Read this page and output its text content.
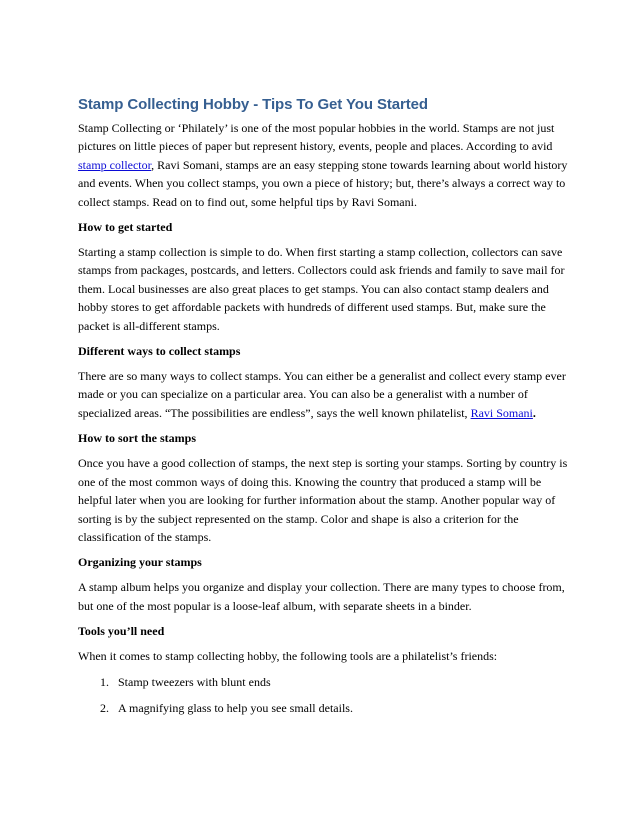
Stamp Collecting Hobby - Tips To Get You Started

Stamp Collecting or ‘Philately’ is one of the most popular hobbies in the world. Stamps are not just pictures on little pieces of paper but represent history, events, people and places. According to avid stamp collector, Ravi Somani, stamps are an easy stepping stone towards learning about world history and events. When you collect stamps, you own a piece of history; but, there’s always a correct way to collect stamps. Read on to find out, some helpful tips by Ravi Somani.

How to get started

Starting a stamp collection is simple to do. When first starting a stamp collection, collectors can save stamps from packages, postcards, and letters. Collectors could ask friends and family to save mail for them. Local businesses are also great places to get stamps. You can also contact stamp dealers and hobby stores to get affordable packets with hundreds of different used stamps. But, make sure the packet is all-different stamps.

Different ways to collect stamps

There are so many ways to collect stamps. You can either be a generalist and collect every stamp ever made or you can specialize on a particular area. You can also be a generalist with a number of specialized areas. “The possibilities are endless”, says the well known philatelist, Ravi Somani.

How to sort the stamps

Once you have a good collection of stamps, the next step is sorting your stamps. Sorting by country is one of the most common ways of doing this. Knowing the country that produced a stamp will be helpful later when you are looking for further information about the stamp. Another popular way of sorting is by the subject represented on the stamp. Color and shape is also a criterion for the classification of the stamps.

Organizing your stamps

A stamp album helps you organize and display your collection. There are many types to choose from, but one of the most popular is a loose-leaf album, with separate sheets in a binder.

Tools you’ll need

When it comes to stamp collecting hobby, the following tools are a philatelist’s friends:

1. Stamp tweezers with blunt ends
2. A magnifying glass to help you see small details.
